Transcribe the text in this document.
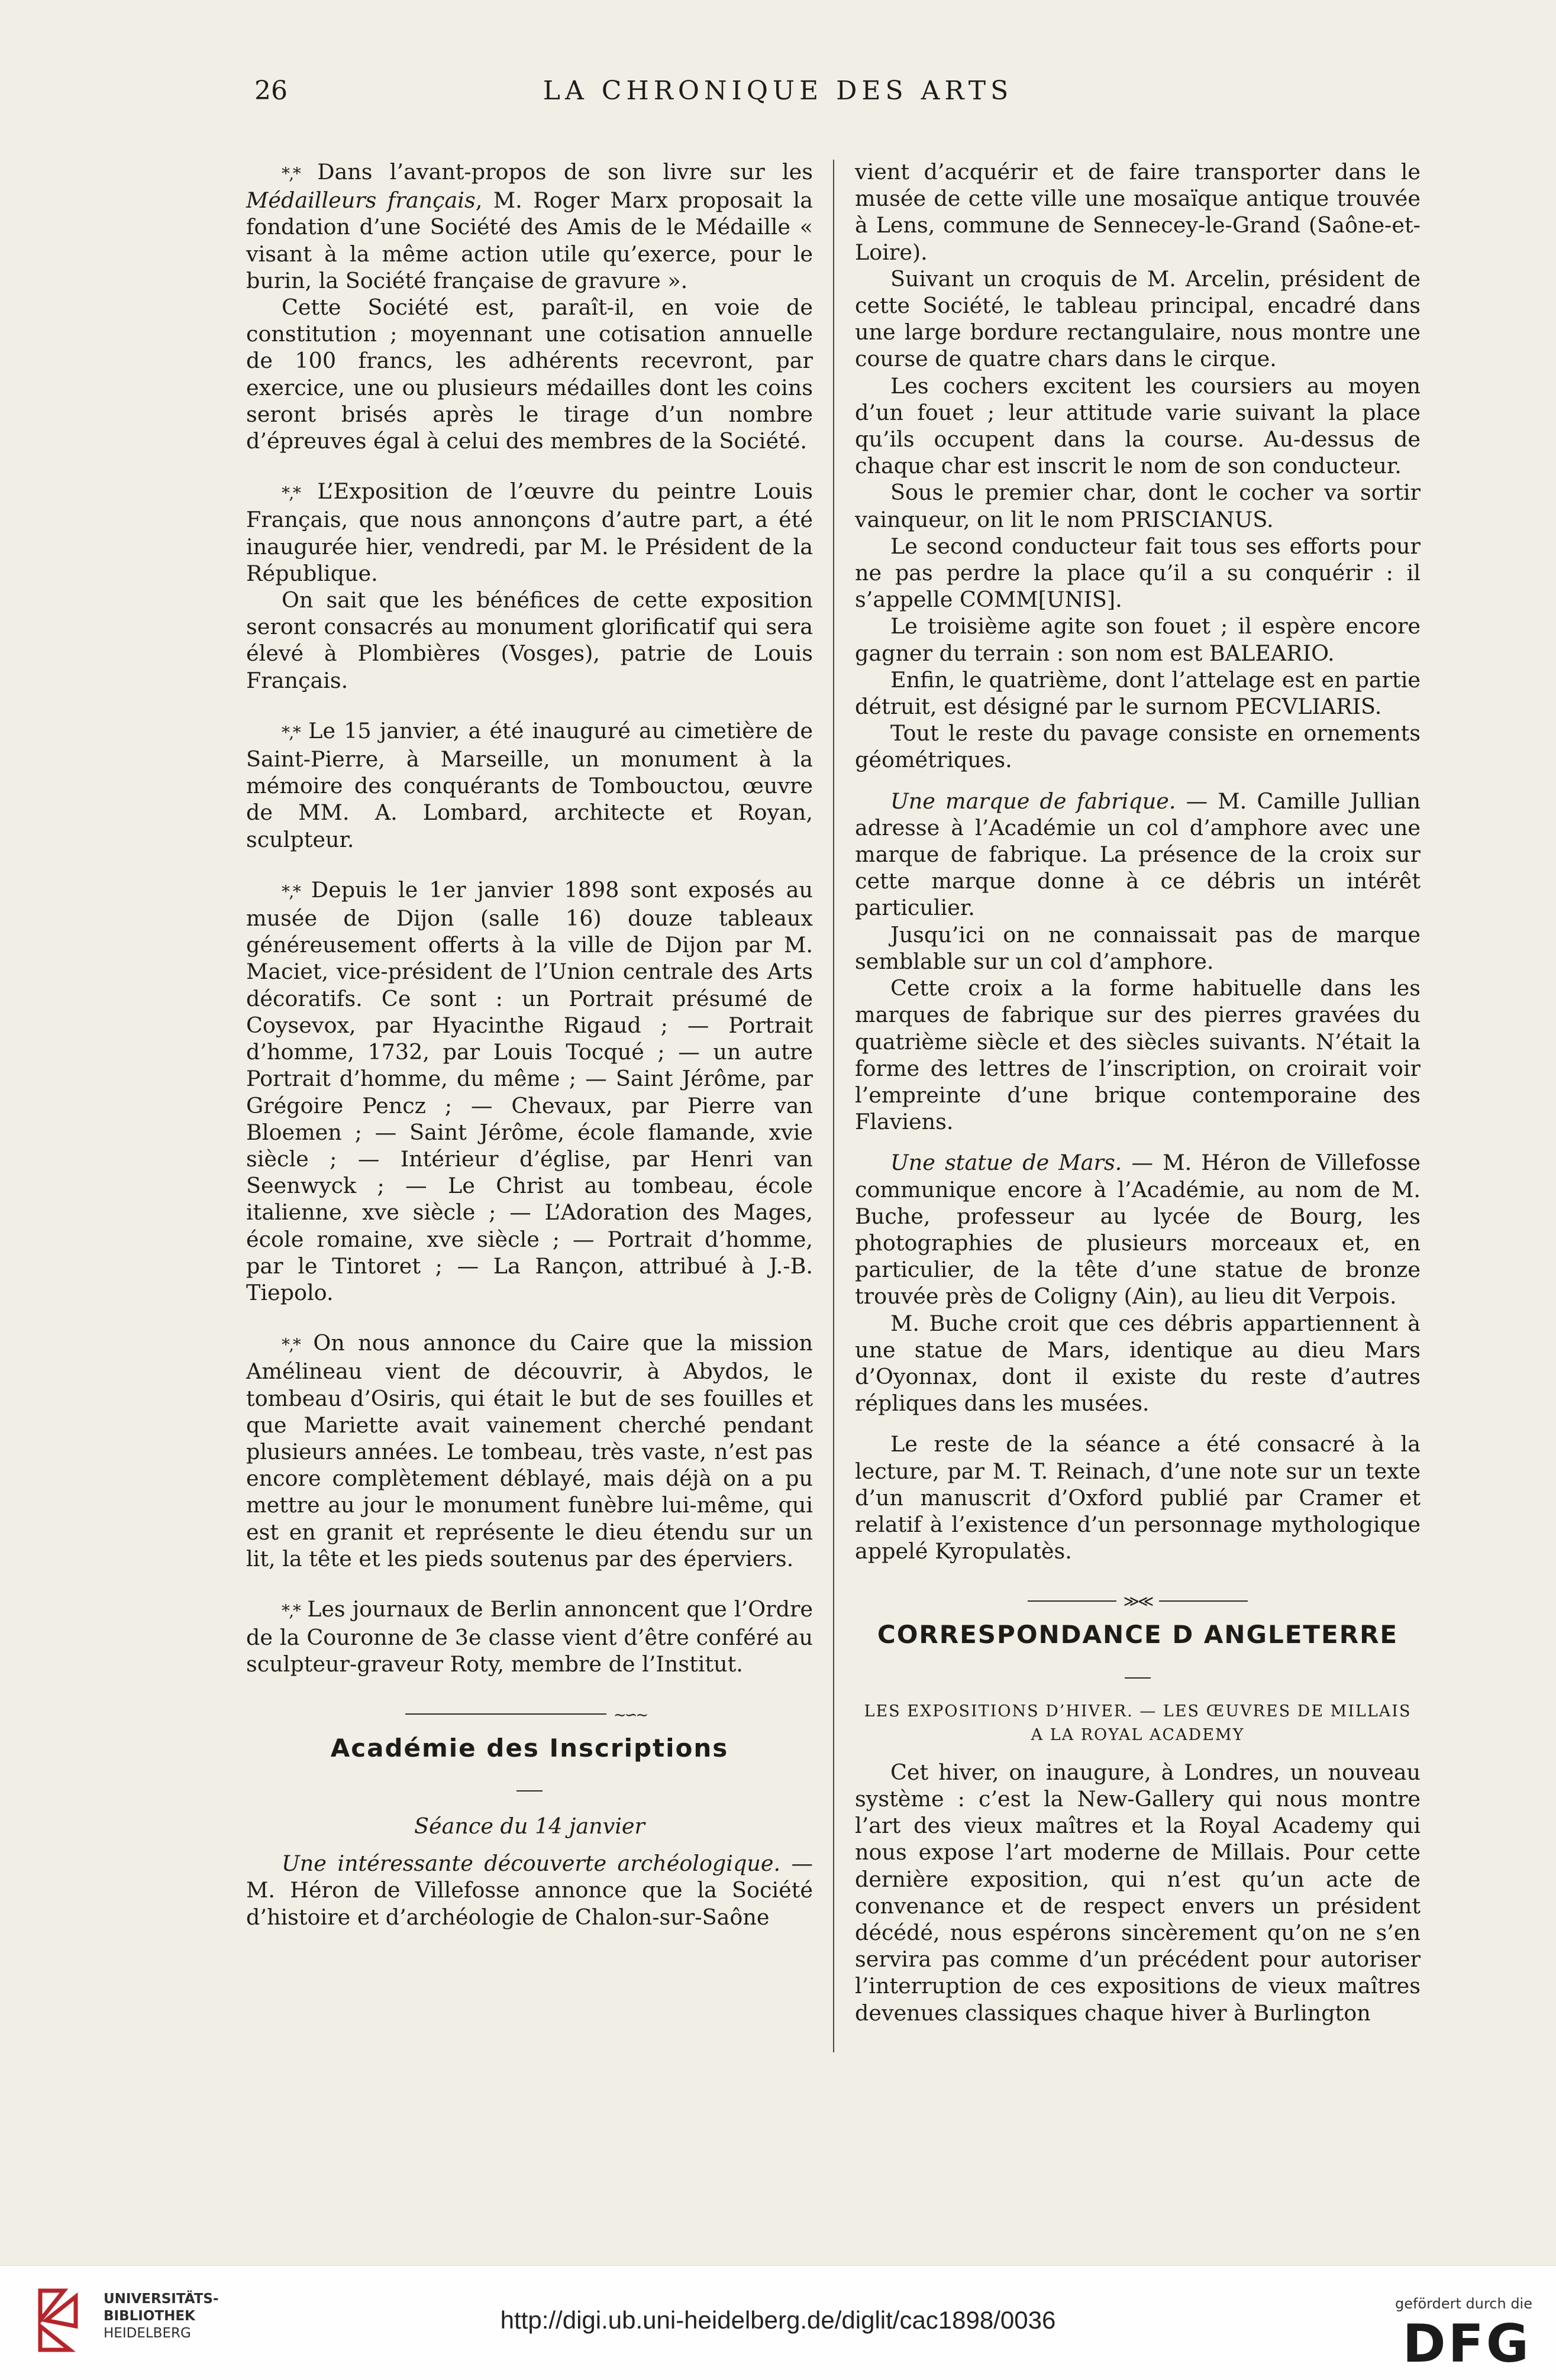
26	LA CHRONIQUE DES ARTS

*‚* Dans l’avant-propos de son livre sur les Médailleurs français, M. Roger Marx proposait la fondation d’une Société des Amis de le Médaille « visant à la même action utile qu’exerce, pour le burin, la Société française de gravure ».

Cette Société est, paraît-il, en voie de constitution ; moyennant une cotisation annuelle de 100 francs, les adhérents recevront, par exercice, une ou plusieurs médailles dont les coins seront brisés après le tirage d’un nombre d’épreuves égal à celui des membres de la Société.

*‚* L’Exposition de l’œuvre du peintre Louis Français, que nous annonçons d’autre part, a été inaugurée hier, vendredi, par M. le Président de la République.

On sait que les bénéfices de cette exposition seront consacrés au monument glorificatif qui sera élevé à Plombières (Vosges), patrie de Louis Français.

*‚* Le 15 janvier, a été inauguré au cimetière de Saint-Pierre, à Marseille, un monument à la mémoire des conquérants de Tombouctou, œuvre de MM. A. Lombard, architecte et Royan, sculpteur.

*‚* Depuis le 1er janvier 1898 sont exposés au musée de Dijon (salle 16) douze tableaux généreusement offerts à la ville de Dijon par M. Maciet, vice-président de l’Union centrale des Arts décoratifs. Ce sont : un Portrait présumé de Coysevox, par Hyacinthe Rigaud ; — Portrait d’homme, 1732, par Louis Tocqué ; — un autre Portrait d’homme, du même ; — Saint Jérôme, par Grégoire Pencz ; — Chevaux, par Pierre van Bloemen ; — Saint Jérôme, école flamande, xvie siècle ; — Intérieur d’église, par Henri van Seenwyck ; — Le Christ au tombeau, école italienne, xve siècle ; — L’Adoration des Mages, école romaine, xve siècle ; — Portrait d’homme, par le Tintoret ; — La Rançon, attribué à J.-B. Tiepolo.

*‚* On nous annonce du Caire que la mission Amélineau vient de découvrir, à Abydos, le tombeau d’Osiris, qui était le but de ses fouilles et que Mariette avait vainement cherché pendant plusieurs années. Le tombeau, très vaste, n’est pas encore complètement déblayé, mais déjà on a pu mettre au jour le monument funèbre lui-même, qui est en granit et représente le dieu étendu sur un lit, la tête et les pieds soutenus par des éperviers.

*‚* Les journaux de Berlin annoncent que l’Ordre de la Couronne de 3e classe vient d’être conféré au sculpteur-graveur Roty, membre de l’Institut.

~∽~
Académie des Inscriptions
Séance du 14 janvier

Une intéressante découverte archéologique. — M. Héron de Villefosse annonce que la Société d’histoire et d’archéologie de Chalon-sur-Saône

vient d’acquérir et de faire transporter dans le musée de cette ville une mosaïque antique trouvée à Lens, commune de Sennecey-le-Grand (Saône-et-Loire).

Suivant un croquis de M. Arcelin, président de cette Société, le tableau principal, encadré dans une large bordure rectangulaire, nous montre une course de quatre chars dans le cirque.

Les cochers excitent les coursiers au moyen d’un fouet ; leur attitude varie suivant la place qu’ils occupent dans la course. Au-dessus de chaque char est inscrit le nom de son conducteur.

Sous le premier char, dont le cocher va sortir vainqueur, on lit le nom PRISCIANUS.

Le second conducteur fait tous ses efforts pour ne pas perdre la place qu’il a su conquérir : il s’appelle COMM[UNIS].

Le troisième agite son fouet ; il espère encore gagner du terrain : son nom est BALEARIO.

Enfin, le quatrième, dont l’attelage est en partie détruit, est désigné par le surnom PECVLIARIS.

Tout le reste du pavage consiste en ornements géométriques.

Une marque de fabrique. — M. Camille Jullian adresse à l’Académie un col d’amphore avec une marque de fabrique. La présence de la croix sur cette marque donne à ce débris un intérêt particulier.

Jusqu’ici on ne connaissait pas de marque semblable sur un col d’amphore.

Cette croix a la forme habituelle dans les marques de fabrique sur des pierres gravées du quatrième siècle et des siècles suivants. N’était la forme des lettres de l’inscription, on croirait voir l’empreinte d’une brique contemporaine des Flaviens.

Une statue de Mars. — M. Héron de Villefosse communique encore à l’Académie, au nom de M. Buche, professeur au lycée de Bourg, les photographies de plusieurs morceaux et, en particulier, de la tête d’une statue de bronze trouvée près de Coligny (Ain), au lieu dit Verpois.

M. Buche croit que ces débris appartiennent à une statue de Mars, identique au dieu Mars d’Oyonnax, dont il existe du reste d’autres répliques dans les musées.

Le reste de la séance a été consacré à la lecture, par M. T. Reinach, d’une note sur un texte d’un manuscrit d’Oxford publié par Cramer et relatif à l’existence d’un personnage mythologique appelé Kyropulatès.

≫≪
CORRESPONDANCE D ANGLETERRE
LES EXPOSITIONS D’HIVER. — LES ŒUVRES DE MILLAIS
A LA ROYAL ACADEMY

Cet hiver, on inaugure, à Londres, un nouveau système : c’est la New-Gallery qui nous montre l’art des vieux maîtres et la Royal Academy qui nous expose l’art moderne de Millais. Pour cette dernière exposition, qui n’est qu’un acte de convenance et de respect envers un président décédé, nous espérons sincèrement qu’on ne s’en servira pas comme d’un précédent pour autoriser l’interruption de ces expositions de vieux maîtres devenues classiques chaque hiver à Burlington

UNIVERSITÄTS-
BIBLIOTHEK
HEIDELBERG	http://digi.ub.uni-heidelberg.de/diglit/cac1898/0036
gefördert durch die
DFG
